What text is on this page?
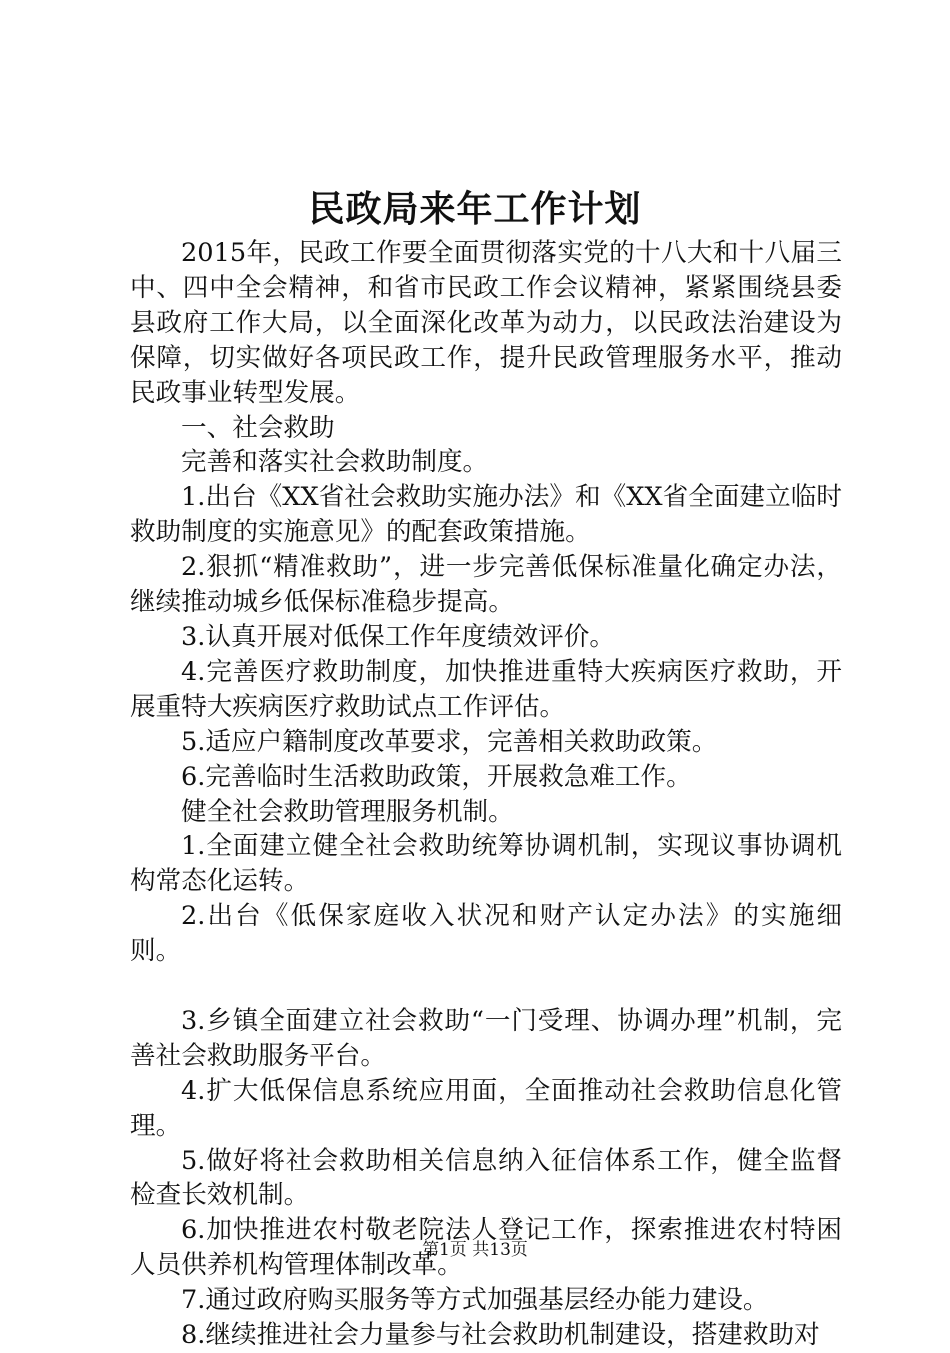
民政局来年工作计划

2015年，民政工作要全面贯彻落实党的十八大和十八届三中、四中全会精神，和省市民政工作会议精神，紧紧围绕县委县政府工作大局，以全面深化改革为动力，以民政法治建设为保障，切实做好各项民政工作，提升民政管理服务水平，推动民政事业转型发展。

一、社会救助

完善和落实社会救助制度。

1.出台《XX省社会救助实施办法》和《XX省全面建立临时救助制度的实施意见》的配套政策措施。

2.狠抓“精准救助”，进一步完善低保标准量化确定办法，继续推动城乡低保标准稳步提高。

3.认真开展对低保工作年度绩效评价。

4.完善医疗救助制度，加快推进重特大疾病医疗救助，开展重特大疾病医疗救助试点工作评估。

5.适应户籍制度改革要求，完善相关救助政策。

6.完善临时生活救助政策，开展救急难工作。

健全社会救助管理服务机制。

1.全面建立健全社会救助统筹协调机制，实现议事协调机构常态化运转。

2.出台《低保家庭收入状况和财产认定办法》的实施细则。

3.乡镇全面建立社会救助“一门受理、协调办理”机制，完善社会救助服务平台。

4.扩大低保信息系统应用面，全面推动社会救助信息化管理。

5.做好将社会救助相关信息纳入征信体系工作，健全监督检查长效机制。

6.加快推进农村敬老院法人登记工作，探索推进农村特困人员供养机构管理体制改革。

7.通过政府购买服务等方式加强基层经办能力建设。

8.继续推进社会力量参与社会救助机制建设，搭建救助对

第1页 共13页
